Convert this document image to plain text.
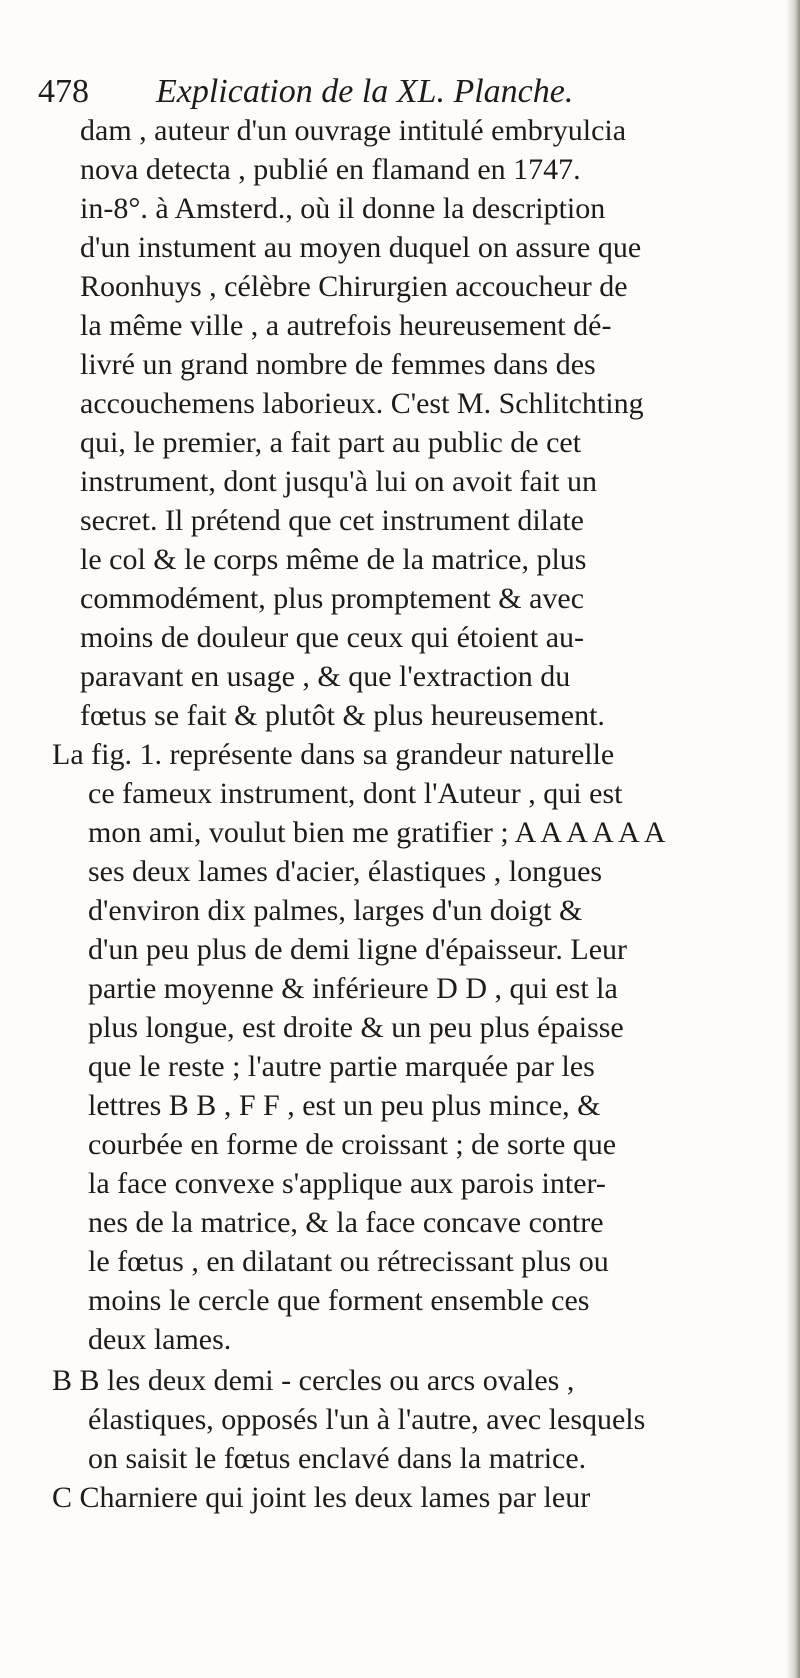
478 Explication de la XL. Planche.
dam , auteur d'un ouvrage intitulé embryulcia
nova detecta , publié en flamand en 1747.
in-8°. à Amsterd., où il donne la description
d'un instument au moyen duquel on assure que
Roonhuys , célèbre Chirurgien accoucheur de
la même ville , a autrefois heureusement dé-
livré un grand nombre de femmes dans des
accouchemens laborieux. C'est M. Schlitchting
qui, le premier, a fait part au public de cet
instrument, dont jusqu'à lui on avoit fait un
secret. Il prétend que cet instrument dilate
le col & le corps même de la matrice, plus
commodément, plus promptement & avec
moins de douleur que ceux qui étoient au-
paravant en usage , & que l'extraction du
fœtus se fait & plutôt & plus heureusement.
La fig. 1. représente dans sa grandeur naturelle
ce fameux instrument, dont l'Auteur , qui est
mon ami, voulut bien me gratifier ; A A A A A A
ses deux lames d'acier, élastiques , longues
d'environ dix palmes, larges d'un doigt &
d'un peu plus de demi ligne d'épaisseur. Leur
partie moyenne & inférieure D D , qui est la
plus longue, est droite & un peu plus épaisse
que le reste ; l'autre partie marquée par les
lettres B B , F F , est un peu plus mince, &
courbée en forme de croissant ; de sorte que
la face convexe s'applique aux parois inter-
nes de la matrice, & la face concave contre
le fœtus , en dilatant ou rétrecissant plus ou
moins le cercle que forment ensemble ces
deux lames.
B B les deux demi - cercles ou arcs ovales ,
élastiques, opposés l'un à l'autre, avec lesquels
on saisit le fœtus enclavé dans la matrice.
C Charniere qui joint les deux lames par leur
